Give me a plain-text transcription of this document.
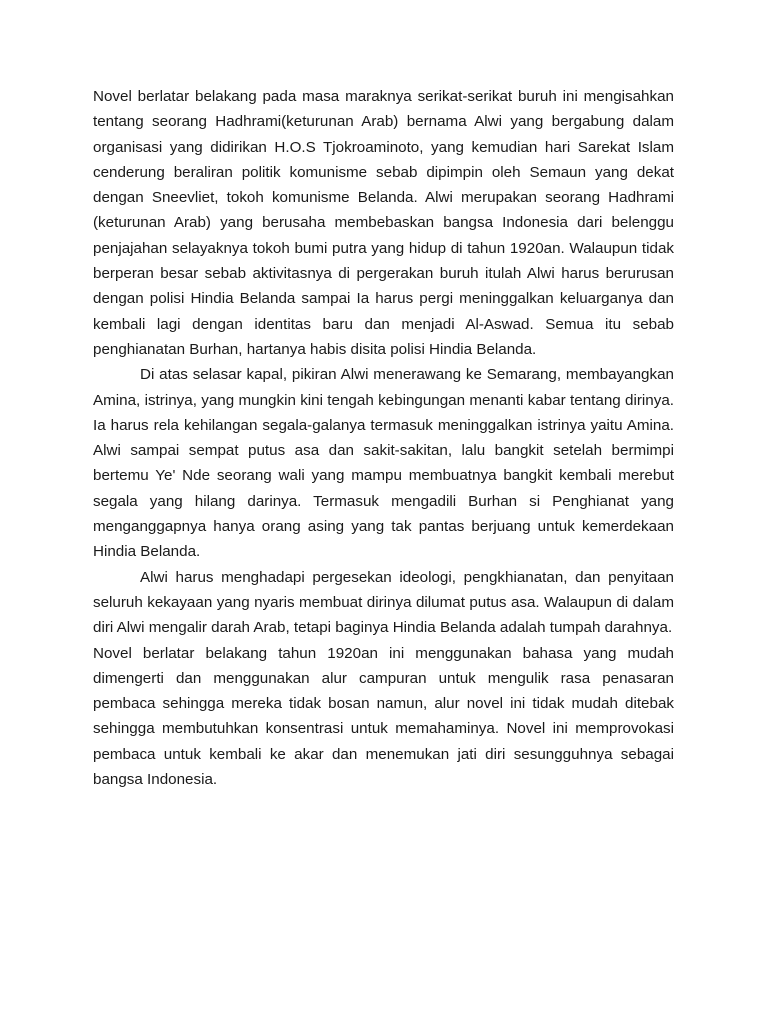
Novel berlatar belakang pada masa maraknya serikat-serikat buruh ini mengisahkan tentang seorang Hadhrami(keturunan Arab) bernama Alwi yang bergabung dalam organisasi yang didirikan H.O.S Tjokroaminoto, yang kemudian hari Sarekat Islam cenderung beraliran politik komunisme sebab dipimpin oleh Semaun yang dekat dengan Sneevliet, tokoh komunisme Belanda. Alwi merupakan seorang Hadhrami (keturunan Arab) yang berusaha membebaskan bangsa Indonesia dari belenggu penjajahan selayaknya tokoh bumi putra yang hidup di tahun 1920an. Walaupun tidak berperan besar sebab aktivitasnya di pergerakan buruh itulah Alwi harus berurusan dengan polisi Hindia Belanda sampai Ia harus pergi meninggalkan keluarganya dan kembali lagi dengan identitas baru dan menjadi Al-Aswad. Semua itu sebab penghianatan Burhan, hartanya habis disita polisi Hindia Belanda.

Di atas selasar kapal, pikiran Alwi menerawang ke Semarang, membayangkan Amina, istrinya, yang mungkin kini tengah kebingungan menanti kabar tentang dirinya. Ia harus rela kehilangan segala-galanya termasuk meninggalkan istrinya yaitu Amina. Alwi sampai sempat putus asa dan sakit-sakitan, lalu bangkit setelah bermimpi bertemu Ye' Nde seorang wali yang mampu membuatnya bangkit kembali merebut segala yang hilang darinya. Termasuk mengadili Burhan si Penghianat yang menganggapnya hanya orang asing yang tak pantas berjuang untuk kemerdekaan Hindia Belanda.

Alwi harus menghadapi pergesekan ideologi, pengkhianatan, dan penyitaan seluruh kekayaan yang nyaris membuat dirinya dilumat putus asa. Walaupun di dalam diri Alwi mengalir darah Arab, tetapi baginya Hindia Belanda adalah tumpah darahnya.

Novel berlatar belakang tahun 1920an ini menggunakan bahasa yang mudah dimengerti dan menggunakan alur campuran untuk mengulik rasa penasaran pembaca sehingga mereka tidak bosan namun, alur novel ini tidak mudah ditebak sehingga membutuhkan konsentrasi untuk memahaminya. Novel ini memprovokasi pembaca untuk kembali ke akar dan menemukan jati diri sesungguhnya sebagai bangsa Indonesia.
